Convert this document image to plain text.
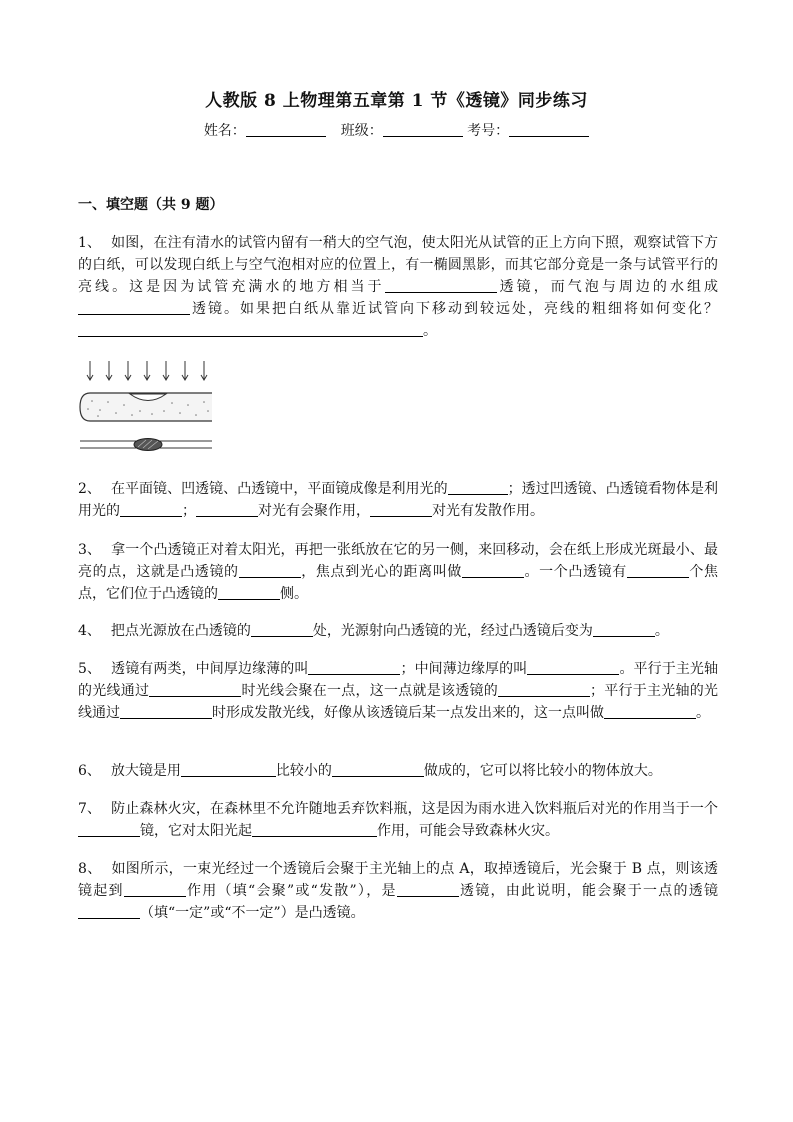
人教版 8 上物理第五章第 1 节《透镜》同步练习
姓名：	班级：	考号：
一、填空题（共 9 题）

1、 如图，在注有清水的试管内留有一稍大的空气泡，使太阳光从试管的正上方向下照，观察试管下方的白纸，可以发现白纸上与空气泡相对应的位置上，有一椭圆黑影，而其它部分竟是一条与试管平行的亮线。这是因为试管充满水的地方相当于	透镜，而气泡与周边的水组成透镜。如果把白纸从靠近试管向下移动到较远处，亮线的粗细将如何变化？。

2、 在平面镜、凹透镜、凸透镜中，平面镜成像是利用光的	；透过凹透镜、凸透镜看物体是利用光的	；	对光有会聚作用，	对光有发散作用。

3、 拿一个凸透镜正对着太阳光，再把一张纸放在它的另一侧，来回移动，会在纸上形成光斑最小、最亮的点，这就是凸透镜的	，焦点到光心的距离叫做	。一个凸透镜有	个焦点，它们位于凸透镜的	侧。

4、 把点光源放在凸透镜的	处，光源射向凸透镜的光，经过凸透镜后变为	。

5、 透镜有两类，中间厚边缘薄的叫	；中间薄边缘厚的叫	。平行于主光轴的光线通过	时光线会聚在一点，这一点就是该透镜的	；平行于主光轴的光线通过	时形成发散光线，好像从该透镜后某一点发出来的，这一点叫做	。

6、 放大镜是用	比较小的	做成的，它可以将比较小的物体放大。

7、 防止森林火灾，在森林里不允许随地丢弃饮料瓶，这是因为雨水进入饮料瓶后对光的作用当于一个镜，它对太阳光起	作用，可能会导致森林火灾。

8、 如图所示，一束光经过一个透镜后会聚于主光轴上的点 A，取掉透镜后，光会聚于 B 点，则该透镜起到	作用（填“会聚”或“发散”），是	透镜，由此说明，能会聚于一点的透镜（填“一定”或“不一定”）是凸透镜。
